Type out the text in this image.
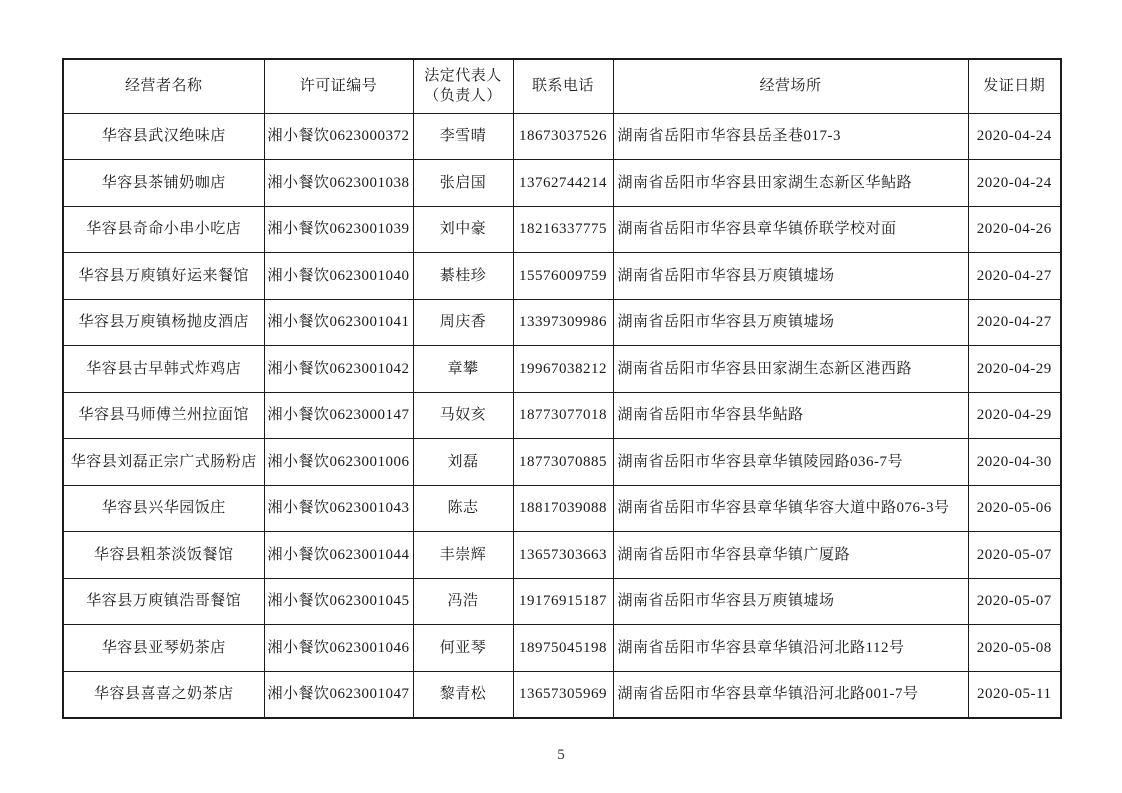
经营者名称	许可证编号	法定代表人（负责人）	联系电话	经营场所	发证日期
华容县武汉绝味店	湘小餐饮0623000372	李雪晴	18673037526	湖南省岳阳市华容县岳圣巷017-3	2020-04-24
华容县茶铺奶咖店	湘小餐饮0623001038	张启国	13762744214	湖南省岳阳市华容县田家湖生态新区华鲇路	2020-04-24
华容县奇命小串小吃店	湘小餐饮0623001039	刘中豪	18216337775	湖南省岳阳市华容县章华镇侨联学校对面	2020-04-26
华容县万庾镇好运来餐馆	湘小餐饮0623001040	綦桂珍	15576009759	湖南省岳阳市华容县万庾镇墟场	2020-04-27
华容县万庾镇杨抛皮酒店	湘小餐饮0623001041	周庆香	13397309986	湖南省岳阳市华容县万庾镇墟场	2020-04-27
华容县古早韩式炸鸡店	湘小餐饮0623001042	章攀	19967038212	湖南省岳阳市华容县田家湖生态新区港西路	2020-04-29
华容县马师傅兰州拉面馆	湘小餐饮0623000147	马奴亥	18773077018	湖南省岳阳市华容县华鲇路	2020-04-29
华容县刘磊正宗广式肠粉店	湘小餐饮0623001006	刘磊	18773070885	湖南省岳阳市华容县章华镇陵园路036-7号	2020-04-30
华容县兴华园饭庄	湘小餐饮0623001043	陈志	18817039088	湖南省岳阳市华容县章华镇华容大道中路076-3号	2020-05-06
华容县粗茶淡饭餐馆	湘小餐饮0623001044	丰崇辉	13657303663	湖南省岳阳市华容县章华镇广厦路	2020-05-07
华容县万庾镇浩哥餐馆	湘小餐饮0623001045	冯浩	19176915187	湖南省岳阳市华容县万庾镇墟场	2020-05-07
华容县亚琴奶茶店	湘小餐饮0623001046	何亚琴	18975045198	湖南省岳阳市华容县章华镇沿河北路112号	2020-05-08
华容县喜喜之奶茶店	湘小餐饮0623001047	黎青松	13657305969	湖南省岳阳市华容县章华镇沿河北路001-7号	2020-05-11
5
